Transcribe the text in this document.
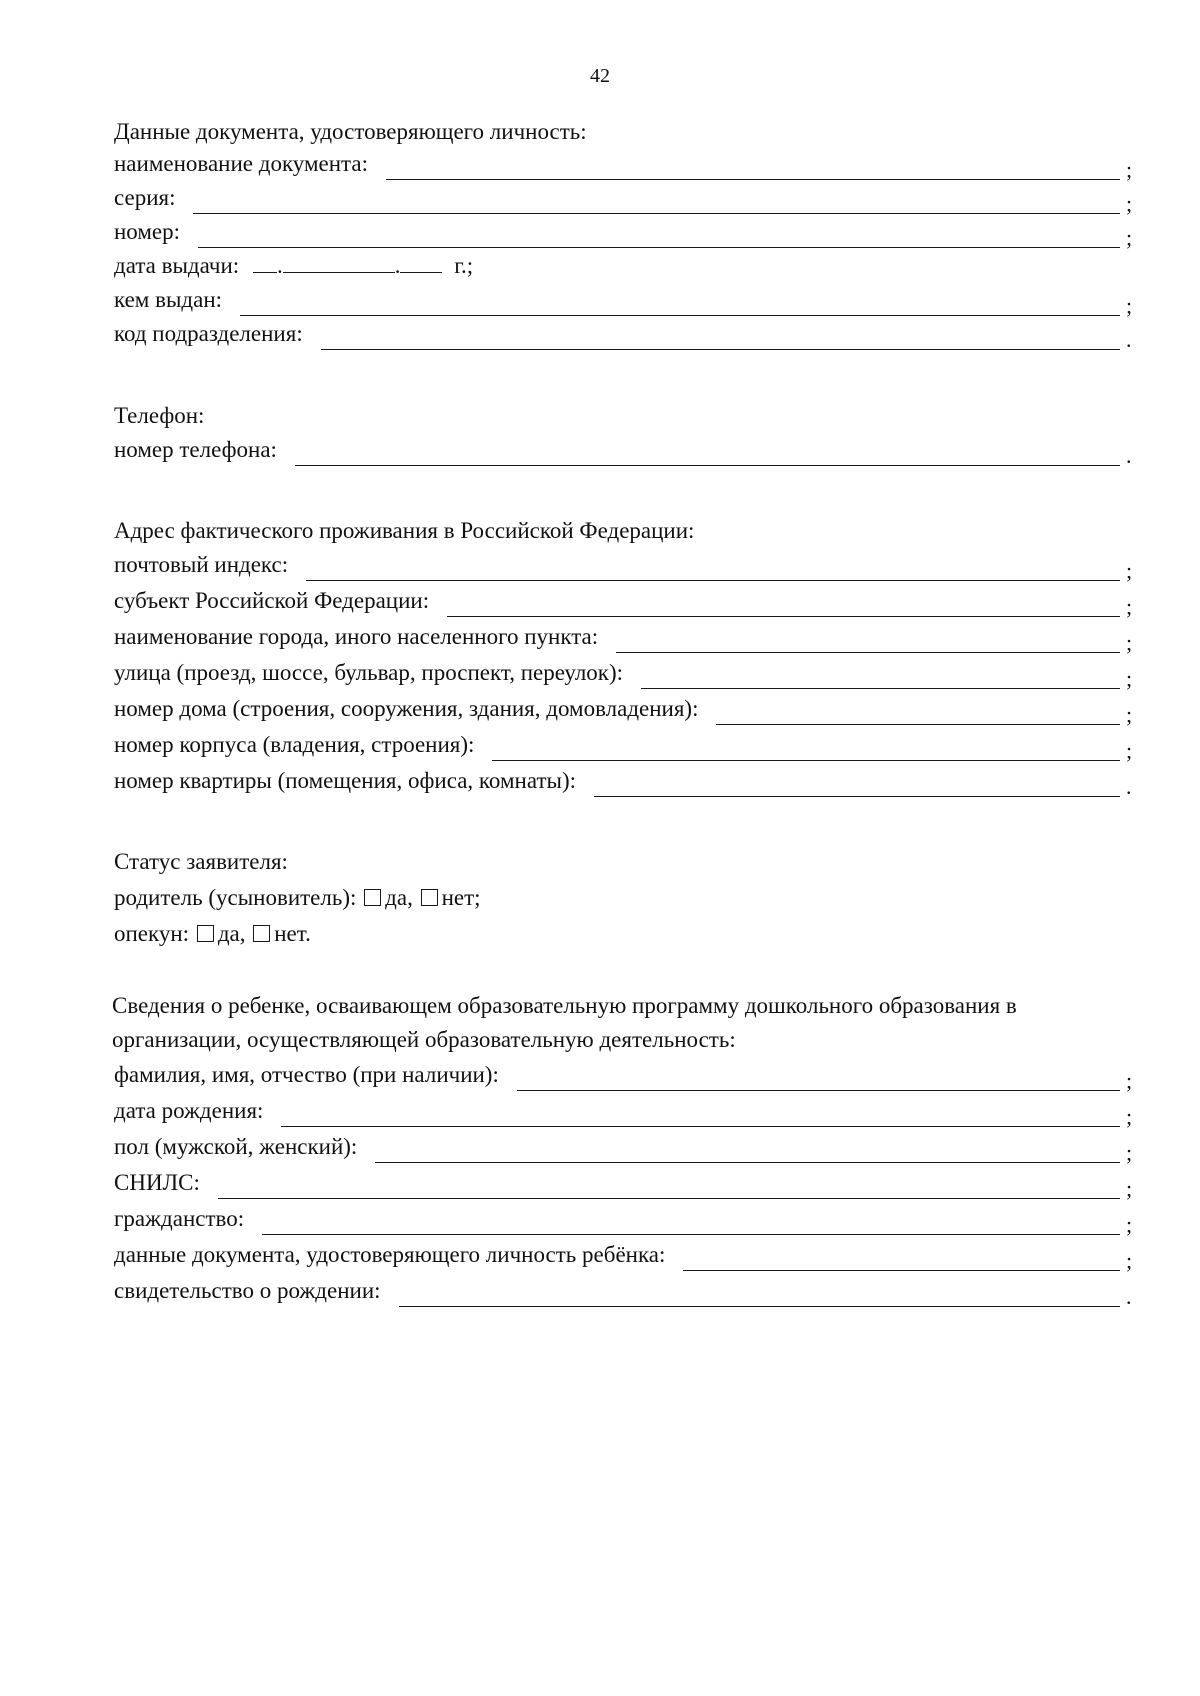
42
Данные документа, удостоверяющего личность:
наименование документа:	;
серия:	;
номер:	;
дата выдачи: .	. г.;
кем выдан:	;
код подразделения:	.
Телефон:
номер телефона:	.
Адрес фактического проживания в Российской Федерации:
почтовый индекс:	;
субъект Российской Федерации:	;
наименование города, иного населенного пункта:	;
улица (проезд, шоссе, бульвар, проспект, переулок):	;
номер дома (строения, сооружения, здания, домовладения):	;
номер корпуса (владения, строения):	;
номер квартиры (помещения, офиса, комнаты):	.
Статус заявителя:
родитель (усыновитель): да, нет;
опекун: да, нет.
Сведения о ребенке, осваивающем образовательную программу дошкольного образования в
организации, осуществляющей образовательную деятельность:
фамилия, имя, отчество (при наличии):	;
дата рождения:	;
пол (мужской, женский):	;
СНИЛС:	;
гражданство:	;
данные документа, удостоверяющего личность ребёнка:	;
свидетельство о рождении:	.
